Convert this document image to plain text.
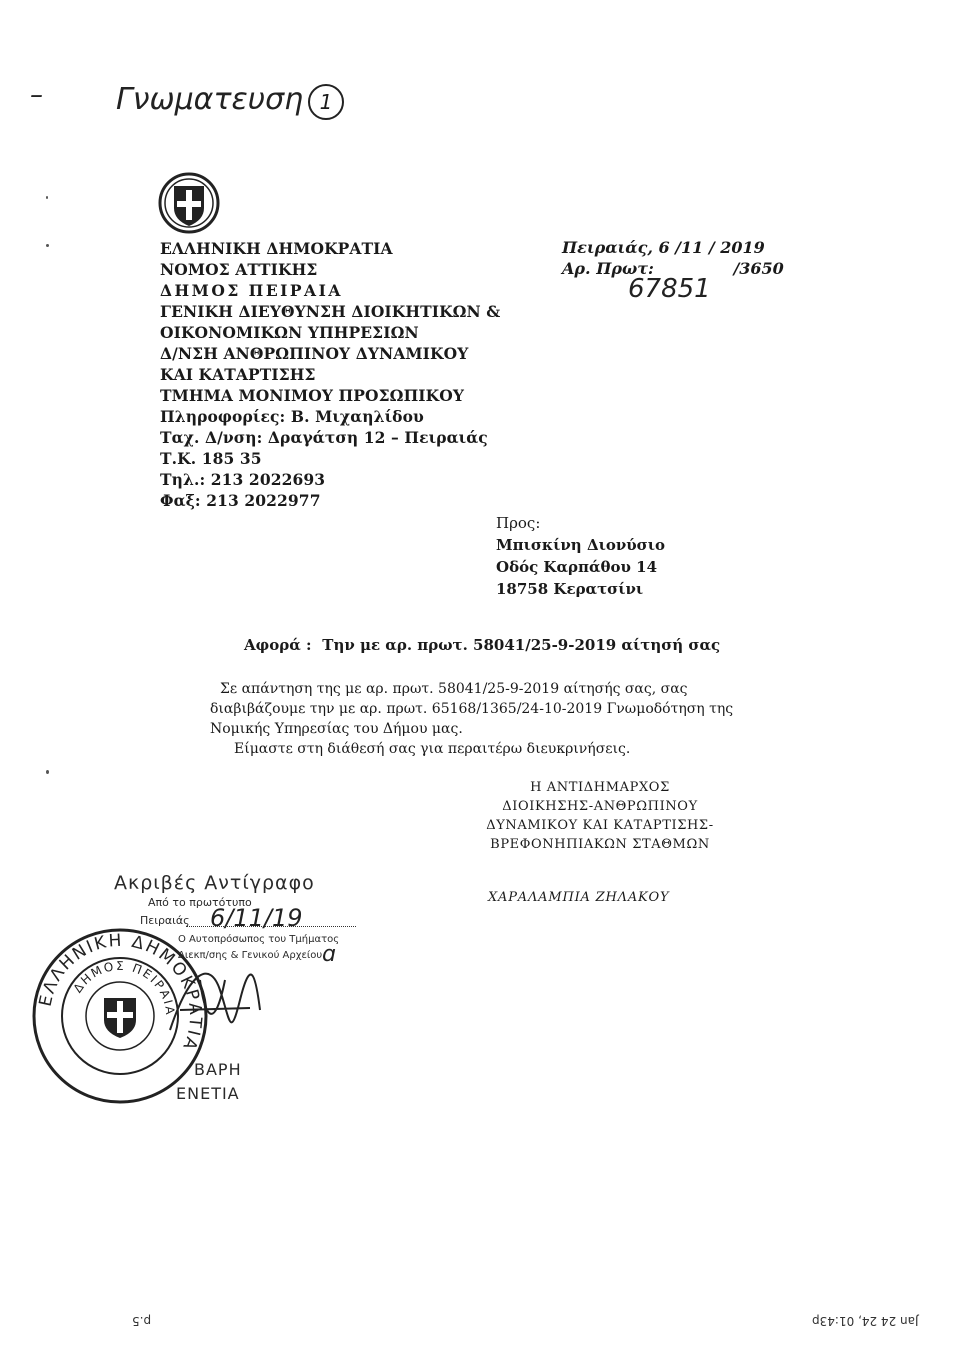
– Γνωματευση 1
ΕΛΛΗΝΙΚΗ ΔΗΜΟΚΡΑΤΙΑ
ΝΟΜΟΣ ΑΤΤΙΚΗΣ
ΔΗΜΟΣ ΠΕΙΡΑΙΑ
ΓΕΝΙΚΗ ΔΙΕΥΘΥΝΣΗ ΔΙΟΙΚΗΤΙΚΩΝ &
ΟΙΚΟΝΟΜΙΚΩΝ ΥΠΗΡΕΣΙΩΝ
Δ/ΝΣΗ ΑΝΘΡΩΠΙΝΟΥ ΔΥΝΑΜΙΚΟΥ
ΚΑΙ ΚΑΤΑΡΤΙΣΗΣ
ΤΜΗΜΑ ΜΟΝΙΜΟΥ ΠΡΟΣΩΠΙΚΟΥ
Πληροφορίες: Β. Μιχαηλίδου
Ταχ. Δ/νση: Δραγάτση 12 – Πειραιάς
Τ.Κ. 185 35
Τηλ.: 213 2022693
Φαξ: 213 2022977
Πειραιάς, 6 /11 / 2019
Αρ. Πρωτ:	/3650
67851
Προς:
Μπισκίνη Διονύσιο
Οδός Καρπάθου 14
18758 Κερατσίνι
Αφορά : Την με αρ. πρωτ. 58041/25-9-2019 αίτησή σας
Σε απάντηση της με αρ. πρωτ. 58041/25-9-2019 αίτησής σας, σας
διαβιβάζουμε την με αρ. πρωτ. 65168/1365/24-10-2019 Γνωμοδότηση της
Νομικής Υπηρεσίας του Δήμου μας.
Είμαστε στη διάθεσή σας για περαιτέρω διευκρινήσεις.
Η ΑΝΤΙΔΗΜΑΡΧΟΣ
ΔΙΟΙΚΗΣΗΣ-ΑΝΘΡΩΠΙΝΟΥ
ΔΥΝΑΜΙΚΟΥ ΚΑΙ ΚΑΤΑΡΤΙΣΗΣ-
ΒΡΕΦΟΝΗΠΙΑΚΩΝ ΣΤΑΘΜΩΝ
ΧΑΡΑΛΑΜΠΙΑ ΖΗΛΑΚΟΥ
Ακριβές Αντίγραφο
Από το πρωτότυπο
Πειραιάς 6/11/19
Ο Αυτοπρόσωπος του Τμήματος
Διεκπ/σης & Γενικού Αρχείου ɑ
ΕΛΛΗΝΙΚΗ ΔΗΜΟΚΡΑΤΙΑ
ΔΗΜΟΣ ΠΕΙΡΑΙΑ
ΒΑΡΗ
ΕΝΕΤΙΑ
p.5	Jan 24 24, 01:43p
